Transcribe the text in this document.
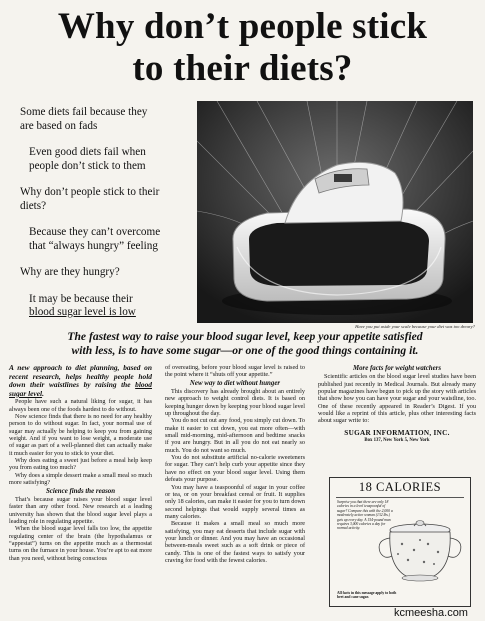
Why don’t people stick
to their diets?

Some diets fail because they
are based on fads

Even good diets fail when
people don’t stick to them

Why don’t people stick to their
diets?

Because they can’t overcome
that “always hungry” feeling

Why are they hungry?

It may be because their
blood sugar level is low

Have you put aside your scale because your diet was too dreary?
The fastest way to raise your blood sugar level, keep your appetite satisfied
with less, is to have some sugar—or one of the good things containing it.

A new approach to diet planning, based on recent research, helps healthy people hold down their waistlines by raising the blood sugar level.

People have such a natural liking for sugar, it has always been one of the foods hardest to do without.

Now science finds that there is no need for any healthy person to do without sugar. In fact, your normal use of sugar may actually be helping to keep you from gaining weight. And if you want to lose weight, a moderate use of sugar as part of a well-planned diet can actually make it much easier for you to stick to your diet.

Why does eating a sweet just before a meal help keep you from eating too much?

Why does a simple dessert make a small meal so much more satisfying?

Science finds the reason

That’s because sugar raises your blood sugar level faster than any other food. New research at a leading university has shown that the blood sugar level plays a leading role in regulating appetite.

When the blood sugar level falls too low, the appetite regulating center of the brain (the hypothalamus or “appestat”) turns on the appetite much as a thermostat turns on the furnace in your house. You’re apt to eat more than you need, without being conscious

of overeating, before your blood sugar level is raised to the point where it “shuts off your appetite.”

New way to diet without hunger

This discovery has already brought about an entirely new approach to weight control diets. It is based on keeping hunger down by keeping your blood sugar level up throughout the day.

You do not cut out any food, you simply cut down. To make it easier to cut down, you eat more often—with small mid-morning, mid-afternoon and bedtime snacks if you are hungry. But in all you do not eat nearly so much. You do not want so much.

You do not substitute artificial no-calorie sweeteners for sugar. They can’t help curb your appetite since they have no effect on your blood sugar level. Using them defeats your purpose.

You may have a teaspoonful of sugar in your coffee or tea, or on your breakfast cereal or fruit. It supplies only 18 calories, can make it easier for you to turn down second helpings that would supply several times as many calories.

Because it makes a small meal so much more satisfying, you may eat desserts that include sugar with your lunch or dinner. And you may have an occasional between-meals sweet such as a soft drink or piece of candy. This is one of the fastest ways to satisfy your craving for food with the fewest calories.

More facts for weight watchers

Scientific articles on the blood sugar level studies have been published just recently in Medical Journals. But already many popular magazines have begun to pick up the story with articles that show how you can have your sugar and your waistline, too. One of these recently appeared in Reader’s Digest. If you would like a reprint of this article, plus other interesting facts about sugar write to:

SUGAR INFORMATION, INC.
Box 137, New York 5, New York
18 CALORIES
Surprise you that there are only 18 calories in a level teaspoonful of sugar? Compare this with the 2,000 a moderately active woman (132 lbs.) gets up every day. A 154-pound man requires 3,000 calories a day for normal activity.
All facts in this message apply to both beet and cane sugar.
kcmeesha.com
